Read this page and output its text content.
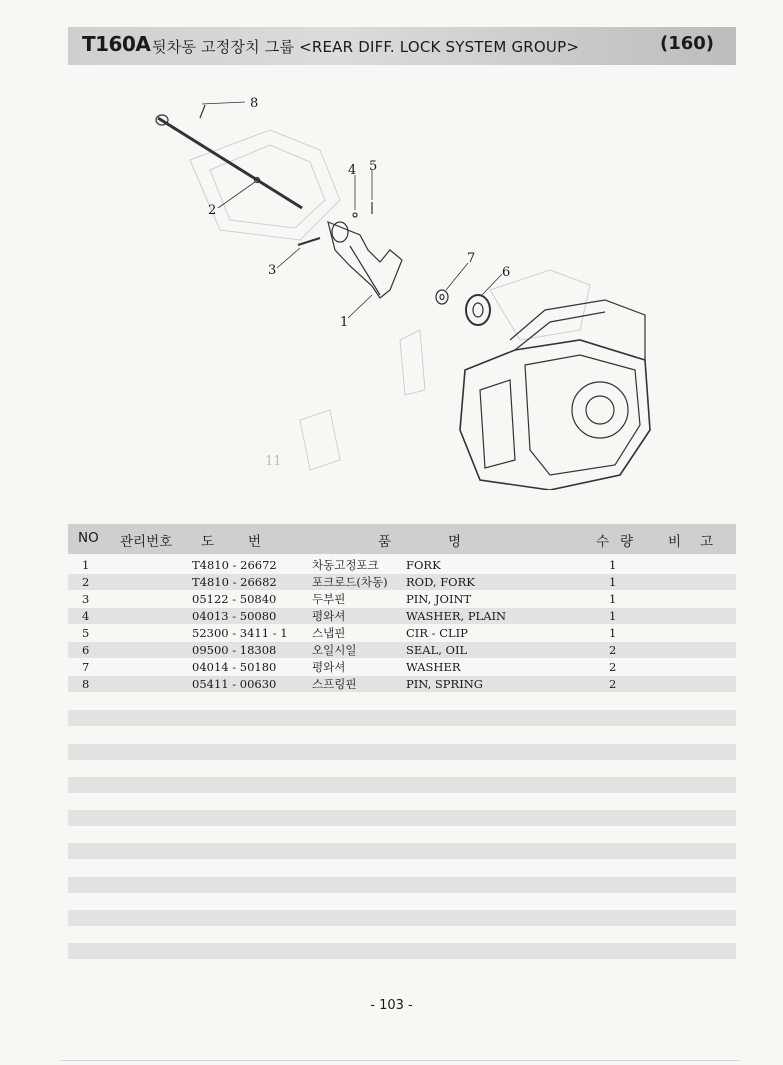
T160A 뒷차동 고정장치 그룹 <REAR DIFF. LOCK SYSTEM GROUP>	(160)
8
2
4 5
3
7
6
1
11
NO 관리번호 도	번	품	명	수 량	비 고
1	T4810 - 26672	차동고정포크 FORK	1
2	T4810 - 26682	포크로드(차동) ROD, FORK	1
3	05122 - 50840	두부핀	PIN, JOINT	1
4	04013 - 50080	평와셔	WASHER, PLAIN	1
5	52300 - 3411 - 1 스냅핀	CIR - CLIP	1
6	09500 - 18308	오일시일	SEAL, OIL	2
7	04014 - 50180	평와셔	WASHER	2
8	05411 - 00630	스프링핀	PIN, SPRING	2
- 103 -
